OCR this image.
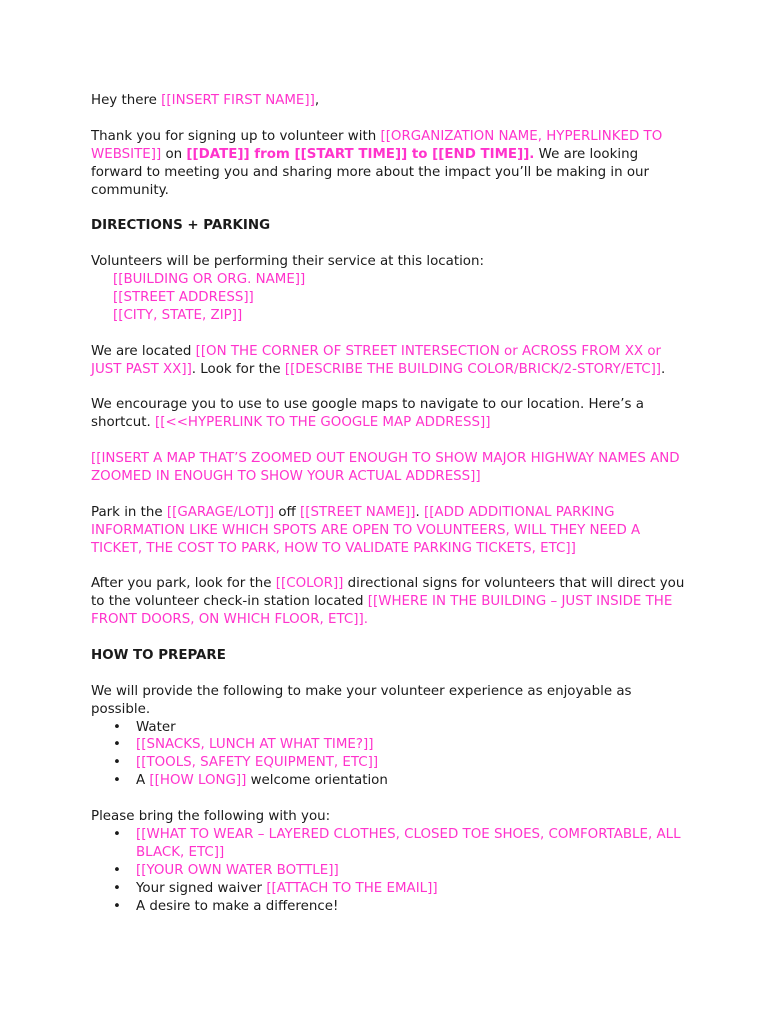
Hey there [[INSERT FIRST NAME]],

Thank you for signing up to volunteer with [[ORGANIZATION NAME, HYPERLINKED TO WEBSITE]] on [[DATE]] from [[START TIME]] to [[END TIME]]. We are looking forward to meeting you and sharing more about the impact you’ll be making in our community.

DIRECTIONS + PARKING

Volunteers will be performing their service at this location:

[[BUILDING OR ORG. NAME]]

[[STREET ADDRESS]]

[[CITY, STATE, ZIP]]

We are located [[ON THE CORNER OF STREET INTERSECTION or ACROSS FROM XX or JUST PAST XX]]. Look for the [[DESCRIBE THE BUILDING COLOR/BRICK/2-STORY/ETC]].

We encourage you to use to use google maps to navigate to our location. Here’s a shortcut. [[<<HYPERLINK TO THE GOOGLE MAP ADDRESS]]

[[INSERT A MAP THAT’S ZOOMED OUT ENOUGH TO SHOW MAJOR HIGHWAY NAMES AND ZOOMED IN ENOUGH TO SHOW YOUR ACTUAL ADDRESS]]

Park in the [[GARAGE/LOT]] off [[STREET NAME]]. [[ADD ADDITIONAL PARKING INFORMATION LIKE WHICH SPOTS ARE OPEN TO VOLUNTEERS, WILL THEY NEED A TICKET, THE COST TO PARK, HOW TO VALIDATE PARKING TICKETS, ETC]]

After you park, look for the [[COLOR]] directional signs for volunteers that will direct you to the volunteer check-in station located [[WHERE IN THE BUILDING – JUST INSIDE THE FRONT DOORS, ON WHICH FLOOR, ETC]].

HOW TO PREPARE

We will provide the following to make your volunteer experience as enjoyable as possible.

• Water
• [[SNACKS, LUNCH AT WHAT TIME?]]
• [[TOOLS, SAFETY EQUIPMENT, ETC]]
• A [[HOW LONG]] welcome orientation

Please bring the following with you:

• [[WHAT TO WEAR – LAYERED CLOTHES, CLOSED TOE SHOES, COMFORTABLE, ALL BLACK, ETC]]
• [[YOUR OWN WATER BOTTLE]]
• Your signed waiver [[ATTACH TO THE EMAIL]]
• A desire to make a difference!
